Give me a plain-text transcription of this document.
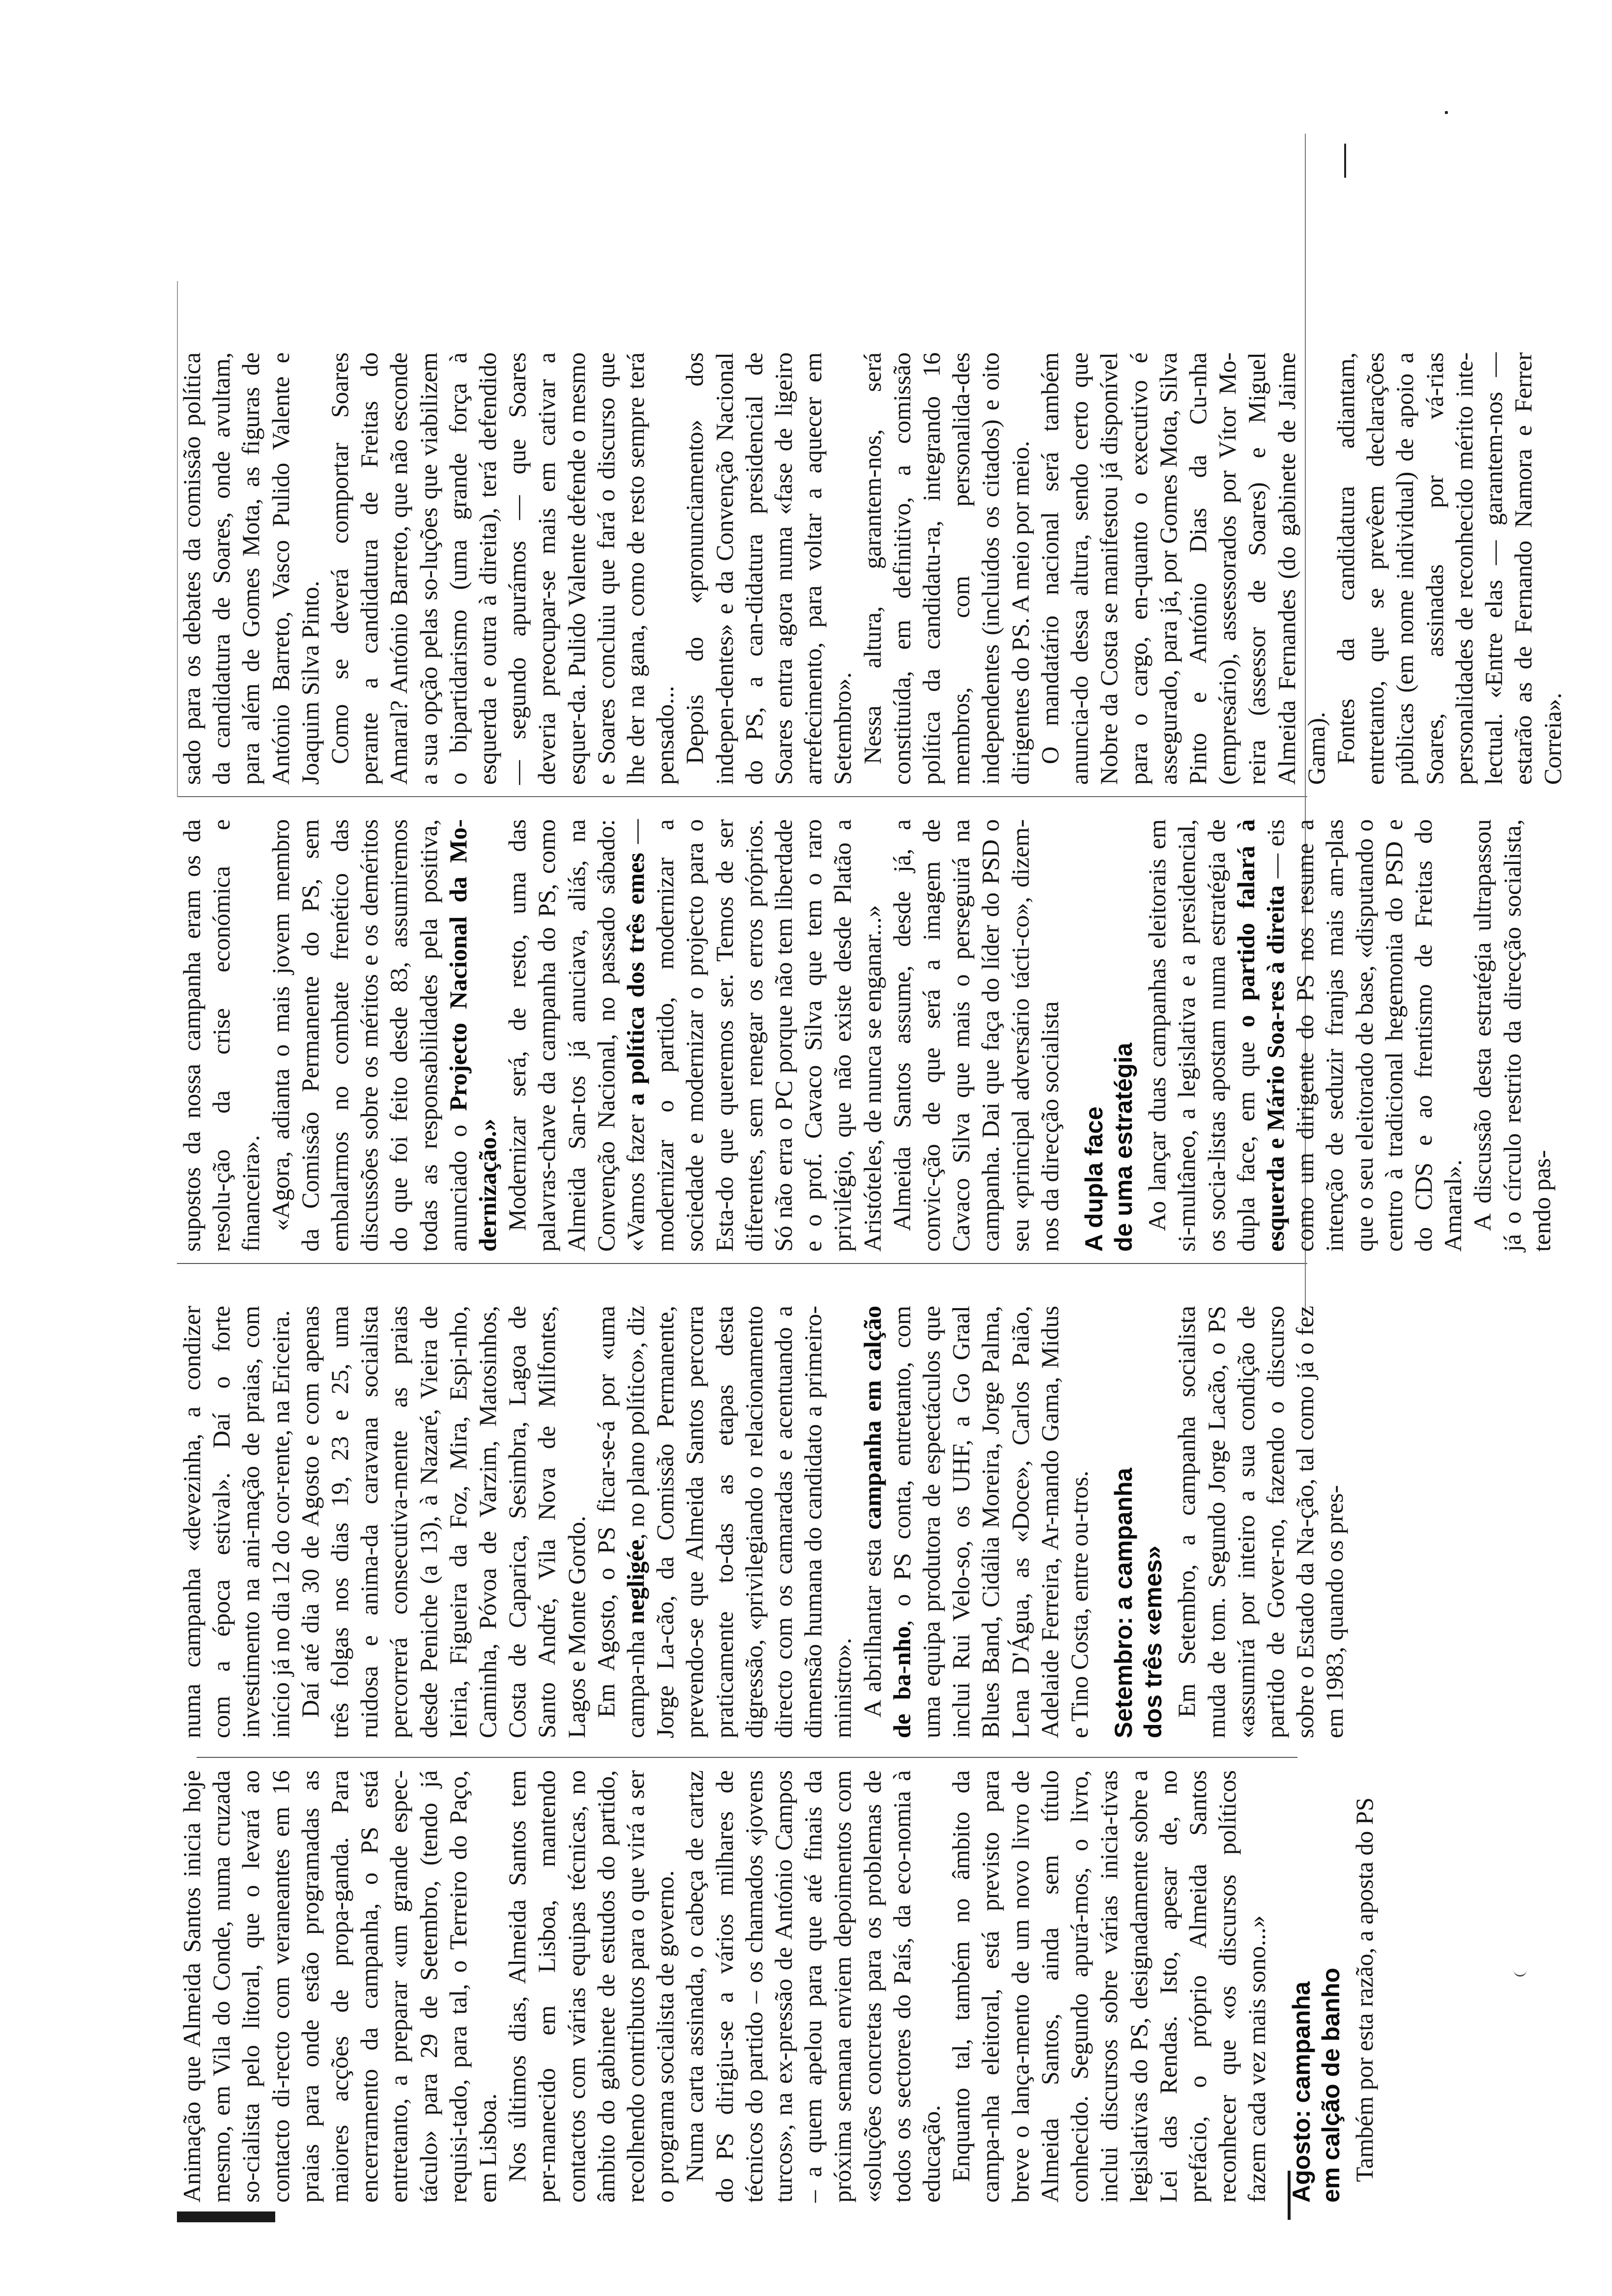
Animação que Almeida Santos inicia hoje mesmo, em Vila do Conde, numa cruzada so-cialista pelo litoral, que o levará ao contacto di-recto com veraneantes em 16 praias para onde estão programadas as maiores acções de propa-ganda. Para encerramento da campanha, o PS está entretanto, a preparar «um grande espec-táculo» para 29 de Setembro, (tendo já requisi-tado, para tal, o Terreiro do Paço, em Lisboa. Nos últimos dias, Almeida Santos tem per-manecido em Lisboa, mantendo contactos com várias equipas técnicas, no âmbito do gabinete de estudos do partido, recolhendo contributos para o que virá a ser o programa socialista de governo. Numa carta assinada, o cabeça de cartaz do PS dirigiu-se a vários milhares de técnicos do partido – os chamados «jovens turcos», na ex-pressão de António Campos – a quem apelou para que até finais da próxima semana enviem depoimentos com «soluções concretas para os problemas de todos os sectores do País, da eco-nomia à educação. Enquanto tal, também no âmbito da campa-nha eleitoral, está previsto para breve o lança-mento de um novo livro de Almeida Santos, ainda sem título conhecido. Segundo apurá-mos, o livro, inclui discursos sobre várias inicia-tivas legislativas do PS, designadamente sobre a Lei das Rendas. Isto, apesar de, no prefácio, o próprio Almeida Santos reconhecer que «os discursos políticos fazem cada vez mais sono...» Agosto: campanha em calção de banho Também por esta razão, a aposta do PS

numa campanha «devezinha, a condizer com a época estival». Daí o forte investimento na ani-mação de praias, com início já no dia 12 do cor-rente, na Ericeira. Daí até dia 30 de Agosto e com apenas três folgas nos dias 19, 23 e 25, uma ruidosa e anima-da caravana socialista percorrerá consecutiva-mente as praias desde Peniche (a 13), à Nazaré, Vieira de Ieiria, Figueira da Foz, Mira, Espi-nho, Caminha, Póvoa de Varzim, Matosinhos, Costa de Caparica, Sesimbra, Lagoa de Santo André, Vila Nova de Milfontes, Lagos e Monte Gordo. Em Agosto, o PS ficar-se-á por «uma campa-nha negligée, no plano político», diz Jorge La-cão, da Comissão Permanente, prevendo-se que Almeida Santos percorra praticamente to-das as etapas desta digressão, «privilegiando o relacionamento directo com os camaradas e acentuando a dimensão humana do candidato a primeiro-ministro». A abrilhantar esta campanha em calção de ba-nho, o PS conta, entretanto, com uma equipa produtora de espectáculos que inclui Rui Velo-so, os UHF, a Go Graal Blues Band, Cidália Moreira, Jorge Palma, Lena D'Água, as «Doce», Carlos Paião, Adelaide Ferreira, Ar-mando Gama, Midus e Tino Costa, entre ou-tros. Setembro: a campanha dos três «emes» Em Setembro, a campanha socialista muda de tom. Segundo Jorge Lacão, o PS «assumirá por inteiro a sua condição de partido de Gover-no, fazendo o discurso sobre o Estado da Na-ção, tal como já o fez em 1983, quando os pres-

supostos da nossa campanha eram os da resolu-ção da crise económica e financeira». «Agora, adianta o mais jovem membro da Comissão Permanente do PS, sem embalarmos no combate frenético das discussões sobre os méritos e os deméritos do que foi feito desde 83, assumiremos todas as responsabilidades pela positiva, anunciado o Projecto Nacional da Mo-dernização.» Modernizar será, de resto, uma das palavras-chave da campanha do PS, como Almeida San-tos já anuciava, aliás, na Convenção Nacional, no passado sábado: «Vamos fazer a política dos três emes — modernizar o partido, modernizar a sociedade e modernizar o projecto para o Esta-do que queremos ser. Temos de ser diferentes, sem renegar os erros próprios. Só não erra o PC porque não tem liberdade e o prof. Cavaco Silva que tem o raro privilégio, que não existe desde Platão a Aristóteles, de nunca se enganar...» Almeida Santos assume, desde já, a convic-ção de que será a imagem de Cavaco Silva que mais o perseguirá na campanha. Dai que faça do líder do PSD o seu «principal adversário tácti-co», dizem-nos da direcção socialista A dupla face de uma estratégia Ao lançar duas campanhas eleitorais em si-multâneo, a legislativa e a presidencial, os socia-listas apostam numa estratégia de dupla face, em que o partido falará à esquerda e Mário Soa-res à direita — eis como um dirigente do PS nos resume a intenção de seduzir franjas mais am-plas que o seu eleitorado de base, «disputando o centro à tradicional hegemonia do PSD e do CDS e ao frentismo de Freitas do Amaral». A discussão desta estratégia ultrapassou já o círculo restrito da direcção socialista, tendo pas-

sado para os debates da comissão política da candidatura de Soares, onde avultam, para além de Gomes Mota, as figuras de António Barreto, Vasco Pulido Valente e Joaquim Silva Pinto. Como se deverá comportar Soares perante a candidatura de Freitas do Amaral? António Barreto, que não esconde a sua opção pelas so-luções que viabilizem o bipartidarismo (uma grande força à esquerda e outra à direita), terá defendido — segundo apurámos — que Soares deveria preocupar-se mais em cativar a esquer-da. Pulido Valente defende o mesmo e Soares concluiu que fará o discurso que lhe der na gana, como de resto sempre terá pensado... Depois do «pronunciamento» dos indepen-dentes» e da Convenção Nacional do PS, a can-didatura presidencial de Soares entra agora numa «fase de ligeiro arrefecimento, para voltar a aquecer em Setembro». Nessa altura, garantem-nos, será constituída, em definitivo, a comissão política da candidatu-ra, integrando 16 membros, com personalida-des independentes (incluídos os citados) e oito dirigentes do PS. A meio por meio. O mandatário nacional será também anuncia-do dessa altura, sendo certo que Nobre da Costa se manifestou já disponível para o cargo, en-quanto o executivo é assegurado, para já, por Gomes Mota, Silva Pinto e António Dias da Cu-nha (empresário), assessorados por Vítor Mo-reira (assessor de Soares) e Miguel Almeida Fernandes (do gabinete de Jaime Gama). Fontes da candidatura adiantam, entretanto, que se prevêem declarações públicas (em nome individual) de apoio a Soares, assinadas por vá-rias personalidades de reconhecido mérito inte-lectual. «Entre elas — garantem-nos — estarão as de Fernando Namora e Ferrer Correia».
